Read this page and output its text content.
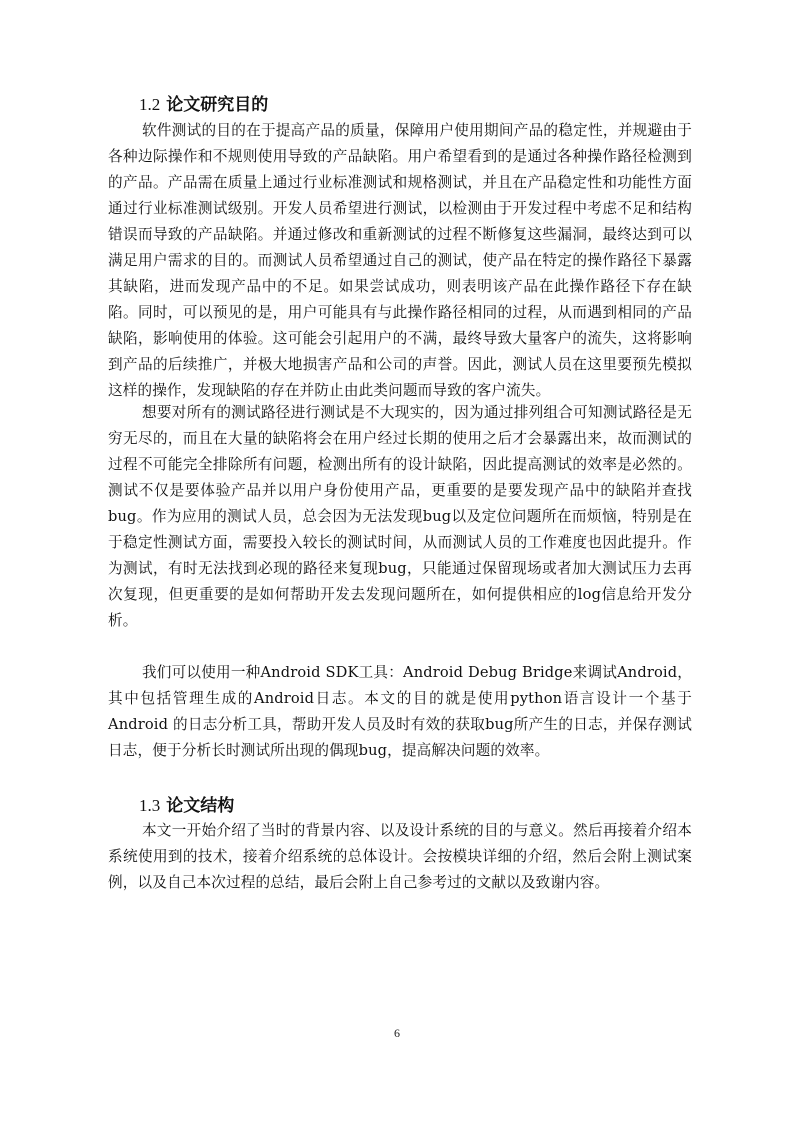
1.2 论文研究目的

软件测试的目的在于提高产品的质量，保障用户使用期间产品的稳定性，并规避由于各种边际操作和不规则使用导致的产品缺陷。用户希望看到的是通过各种操作路径检测到的产品。产品需在质量上通过行业标准测试和规格测试，并且在产品稳定性和功能性方面通过行业标准测试级别。开发人员希望进行测试，以检测由于开发过程中考虑不足和结构错误而导致的产品缺陷。并通过修改和重新测试的过程不断修复这些漏洞，最终达到可以满足用户需求的目的。而测试人员希望通过自己的测试，使产品在特定的操作路径下暴露其缺陷，进而发现产品中的不足。如果尝试成功，则表明该产品在此操作路径下存在缺陷。同时，可以预见的是，用户可能具有与此操作路径相同的过程，从而遇到相同的产品缺陷，影响使用的体验。这可能会引起用户的不满，最终导致大量客户的流失，这将影响到产品的后续推广，并极大地损害产品和公司的声誉。因此，测试人员在这里要预先模拟这样的操作，发现缺陷的存在并防止由此类问题而导致的客户流失。

想要对所有的测试路径进行测试是不大现实的，因为通过排列组合可知测试路径是无穷无尽的，而且在大量的缺陷将会在用户经过长期的使用之后才会暴露出来，故而测试的过程不可能完全排除所有问题，检测出所有的设计缺陷，因此提高测试的效率是必然的。测试不仅是要体验产品并以用户身份使用产品，更重要的是要发现产品中的缺陷并查找bug。作为应用的测试人员，总会因为无法发现bug以及定位问题所在而烦恼，特别是在于稳定性测试方面，需要投入较长的测试时间，从而测试人员的工作难度也因此提升。作为测试，有时无法找到必现的路径来复现bug，只能通过保留现场或者加大测试压力去再次复现，但更重要的是如何帮助开发去发现问题所在，如何提供相应的log信息给开发分析。

我们可以使用一种Android SDK工具：Android Debug Bridge来调试Android，其中包括管理生成的Android日志。本文的目的就是使用python语言设计一个基于Android 的日志分析工具，帮助开发人员及时有效的获取bug所产生的日志，并保存测试日志，便于分析长时测试所出现的偶现bug，提高解决问题的效率。

1.3 论文结构

本文一开始介绍了当时的背景内容、以及设计系统的目的与意义。然后再接着介绍本系统使用到的技术，接着介绍系统的总体设计。会按模块详细的介绍，然后会附上测试案例，以及自己本次过程的总结，最后会附上自己参考过的文献以及致谢内容。

6
